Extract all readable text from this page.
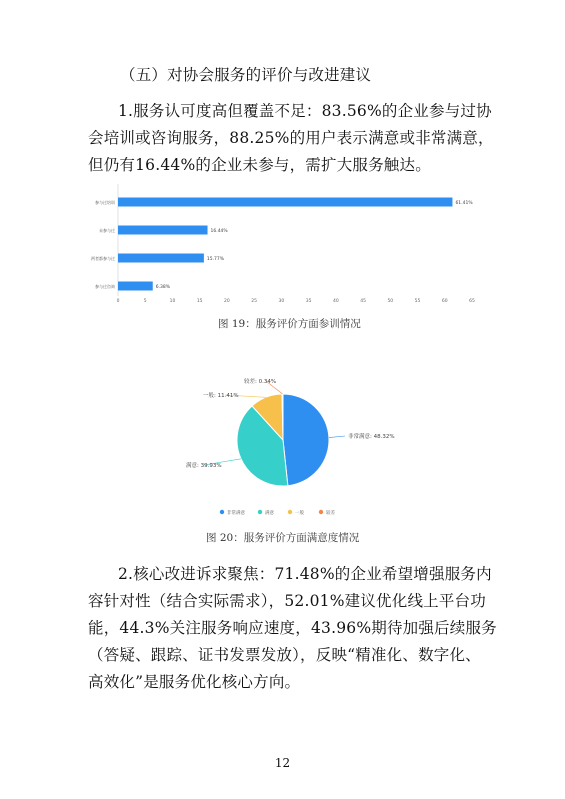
（五）对协会服务的评价与改进建议
1.服务认可度高但覆盖不足：83.56%的企业参与过协
会培训或咨询服务，88.25%的用户表示满意或非常满意，
但仍有16.44%的企业未参与，需扩大服务触达。
参与过培训	61.41%
未参与过	16.44%
两者都参与过	15.77%
参与过咨询	6.38%
0	5	10	15	20	25	30	35	40	45	50	55	60	65
非常满意: 48.32%
满意: 39.93%
一般: 11.41%
较差: 0.34%
非常满意	满意	一般	较差
图 19：服务评价方面参训情况
图 20：服务评价方面满意度情况
2.核心改进诉求聚焦：71.48%的企业希望增强服务内
容针对性（结合实际需求），52.01%建议优化线上平台功
能，44.3%关注服务响应速度，43.96%期待加强后续服务
（答疑、跟踪、证书发票发放），反映“精准化、数字化、
高效化”是服务优化核心方向。
12
